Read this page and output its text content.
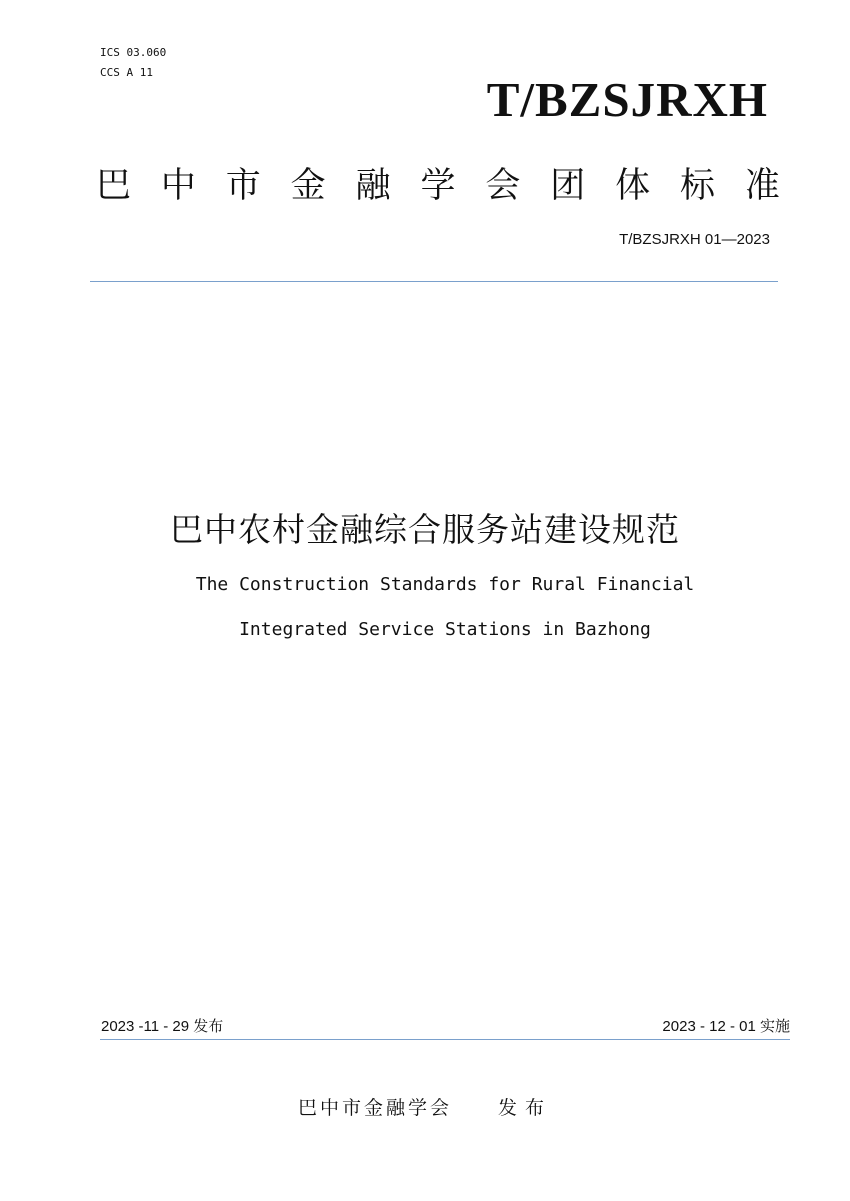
ICS 03.060
CCS A 11	T/BZSJRXH
巴 中 市 金 融 学 会 团 体 标 准
T/BZSJRXH 01—2023
巴中农村金融综合服务站建设规范
The Construction Standards for Rural Financial
Integrated Service Stations in Bazhong
2023 -11 - 29 发布	2023 - 12 - 01 实施
巴中市金融学会 发布
